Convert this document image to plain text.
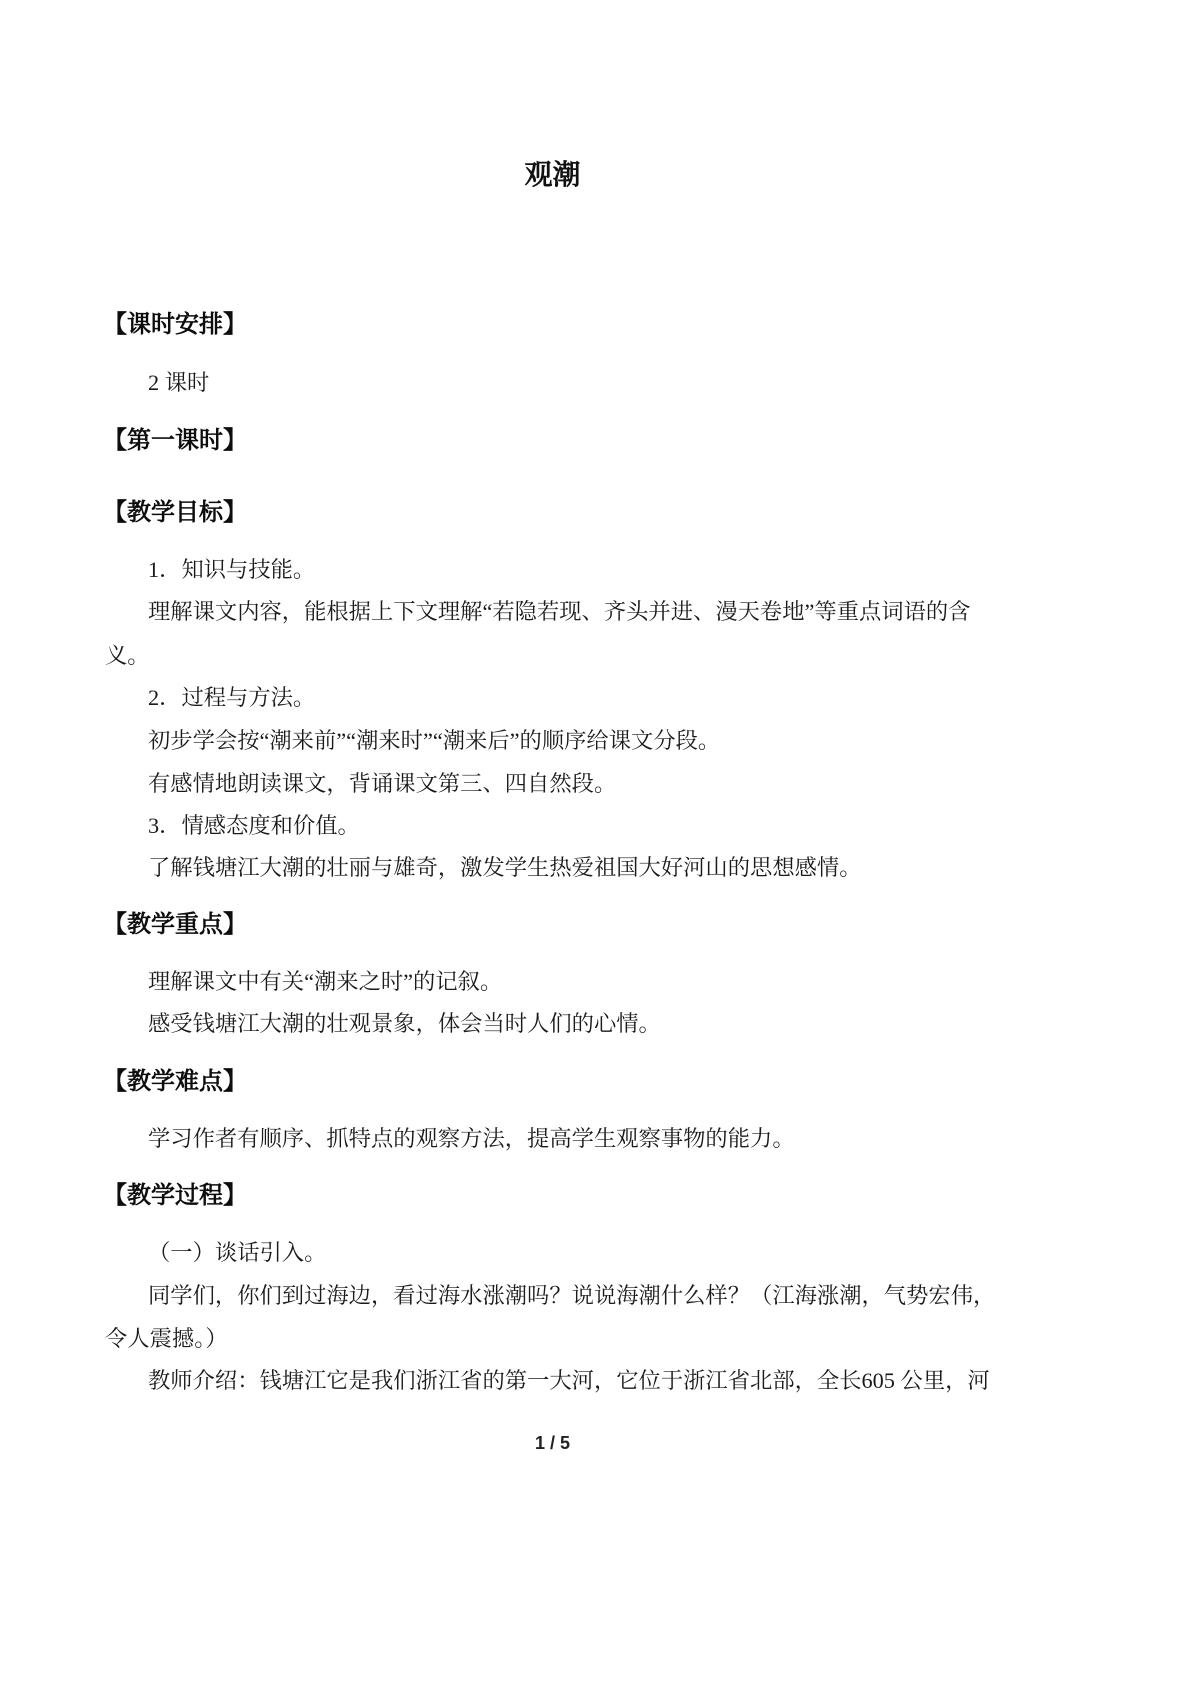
观潮
【课时安排】
2 课时
【第一课时】
【教学目标】
1．知识与技能。
理解课文内容，能根据上下文理解“若隐若现、齐头并进、漫天卷地”等重点词语的含
义。
2．过程与方法。
初步学会按“潮来前”“潮来时”“潮来后”的顺序给课文分段。
有感情地朗读课文，背诵课文第三、四自然段。
3．情感态度和价值。
了解钱塘江大潮的壮丽与雄奇，激发学生热爱祖国大好河山的思想感情。
【教学重点】
理解课文中有关“潮来之时”的记叙。
感受钱塘江大潮的壮观景象，体会当时人们的心情。
【教学难点】
学习作者有顺序、抓特点的观察方法，提高学生观察事物的能力。
【教学过程】
（一）谈话引入。
同学们，你们到过海边，看过海水涨潮吗？说说海潮什么样？（江海涨潮，气势宏伟，
令人震撼。）
教师介绍：钱塘江它是我们浙江省的第一大河，它位于浙江省北部，全长605 公里，河
1 / 5
